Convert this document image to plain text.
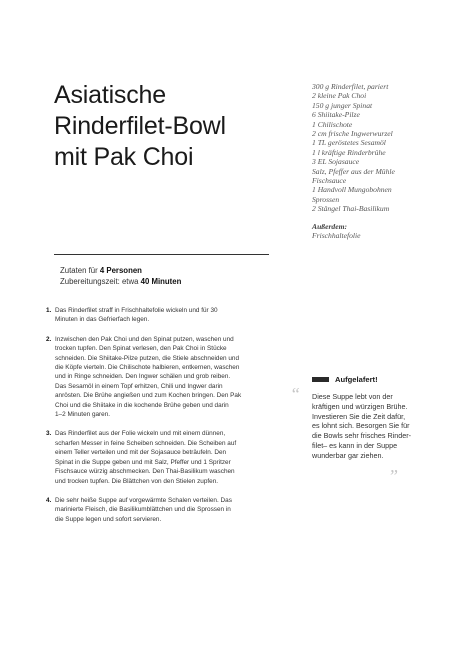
Asiatische
Rinderfilet-Bowl
mit Pak Choi
300 g Rinderfilet, pariert
2 kleine Pak Choi
150 g junger Spinat
6 Shiitake-Pilze
1 Chilischote
2 cm frische Ingwerwurzel
1 TL geröstetes Sesamöl
1 l kräftige Rinderbrühe
3 EL Sojasauce
Salz, Pfeffer aus der Mühle
Fischsauce
1 Handvoll Mungobohnen
Sprossen
2 Stängel Thai-Basilikum
Außerdem:
Frischhaltefolie
Zutaten für 4 Personen
Zubereitungszeit: etwa 40 Minuten
1. Das Rinderfilet straff in Frischhaltefolie wickeln und für 30
Minuten in das Gefrierfach legen.
2. Inzwischen den Pak Choi und den Spinat putzen, waschen und
trocken tupfen. Den Spinat verlesen, den Pak Choi in Stücke
schneiden. Die Shiitake-Pilze putzen, die Stiele abschneiden und
die Köpfe vierteln. Die Chilischote halbieren, entkernen, waschen
und in Ringe schneiden. Den Ingwer schälen und grob reiben.
Das Sesamöl in einem Topf erhitzen, Chili und Ingwer darin
anrösten. Die Brühe angießen und zum Kochen bringen. Den Pak
Choi und die Shiitake in die kochende Brühe geben und darin
1–2 Minuten garen.
3. Das Rinderfilet aus der Folie wickeln und mit einem dünnen,
scharfen Messer in feine Scheiben schneiden. Die Scheiben auf
einem Teller verteilen und mit der Sojasauce beträufeln. Den
Spinat in die Suppe geben und mit Salz, Pfeffer und 1 Spritzer
Fischsauce würzig abschmecken. Den Thai-Basilikum waschen
und trocken tupfen. Die Blättchen von den Stielen zupfen.
4. Die sehr heiße Suppe auf vorgewärmte Schalen verteilen. Das
marinierte Fleisch, die Basilikumblättchen und die Sprossen in
die Suppe legen und sofort servieren.
Aufgelafert!
“ Diese Suppe lebt von der
kräftigen und würzigen Brühe.
Investieren Sie die Zeit dafür,
es lohnt sich. Besorgen Sie für
die Bowls sehr frisches Rinder-
filet– es kann in der Suppe
wunderbar gar ziehen.
„
